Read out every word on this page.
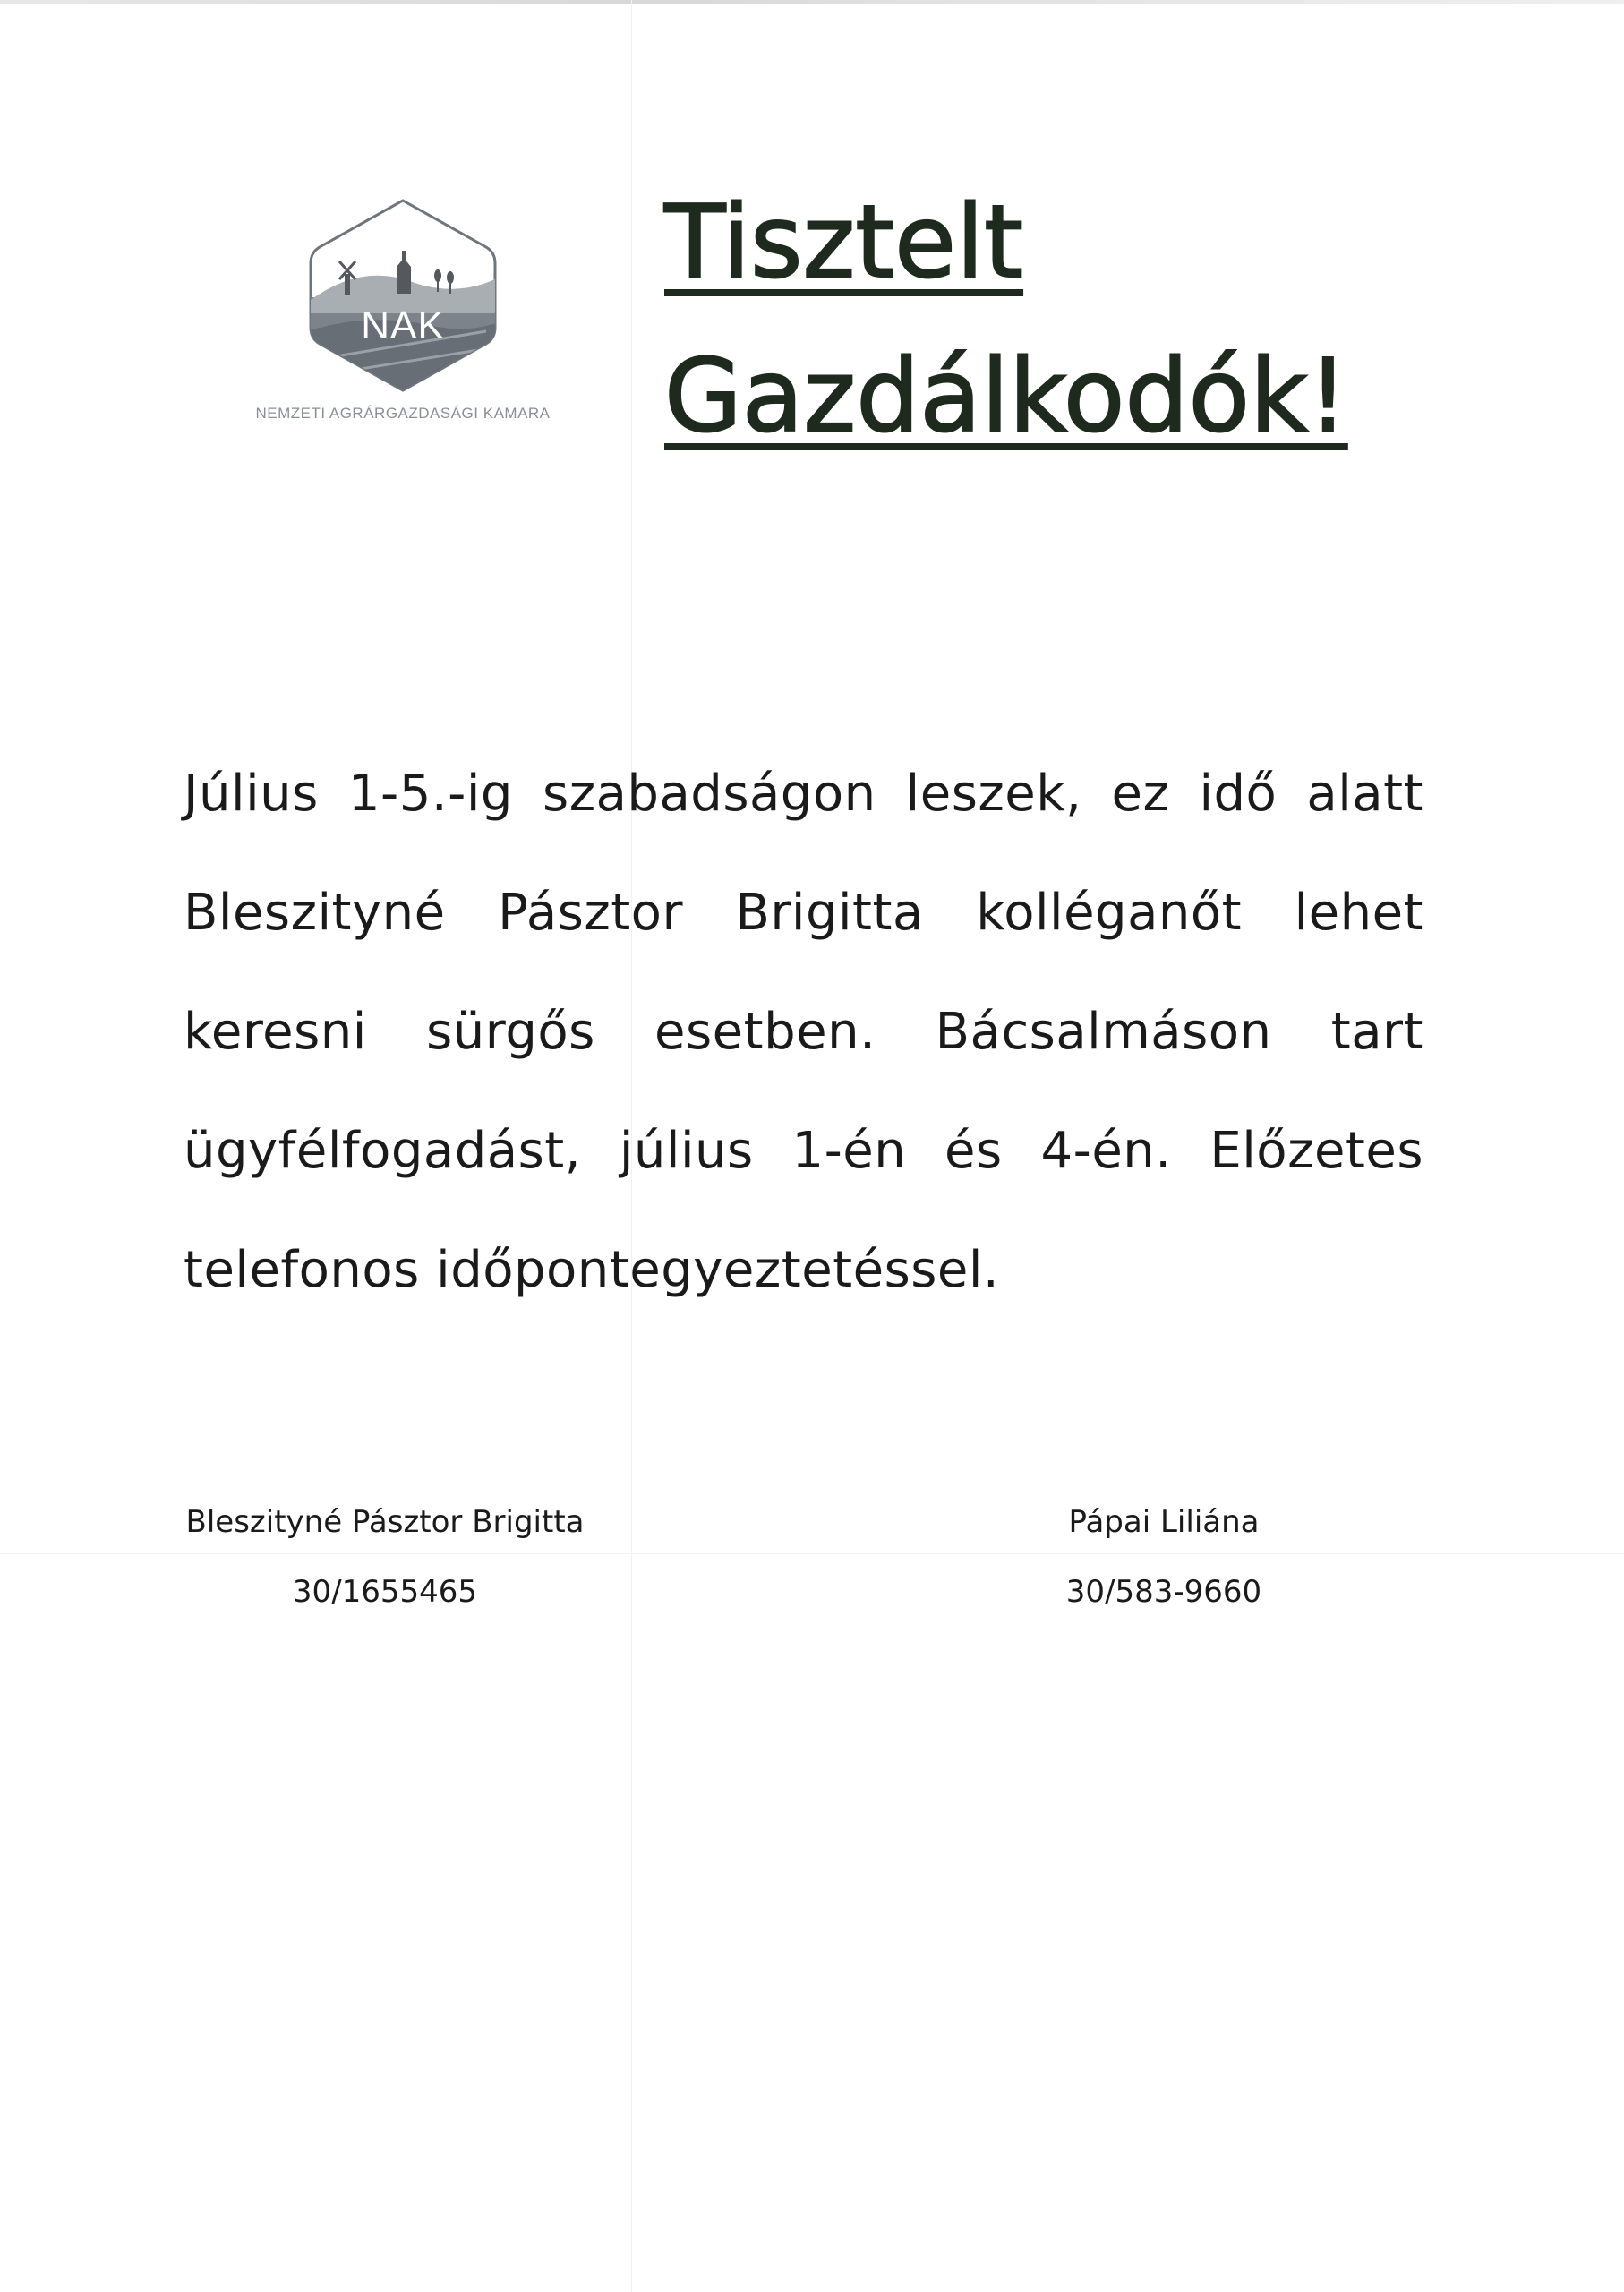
NAK
NEMZETI AGRÁRGAZDASÁGI KAMARA
Tisztelt
Gazdálkodók!
Július 1-5.-ig szabadságon leszek, ez idő alatt Bleszityné Pásztor Brigitta kolléganőt lehet keresni sürgős esetben. Bácsalmáson tart ügyfélfogadást, július 1-én és 4-én. Előzetes telefonos időpontegyeztetéssel.
Bleszityné Pásztor Brigitta
30/1655465
Pápai Liliána
30/583-9660
